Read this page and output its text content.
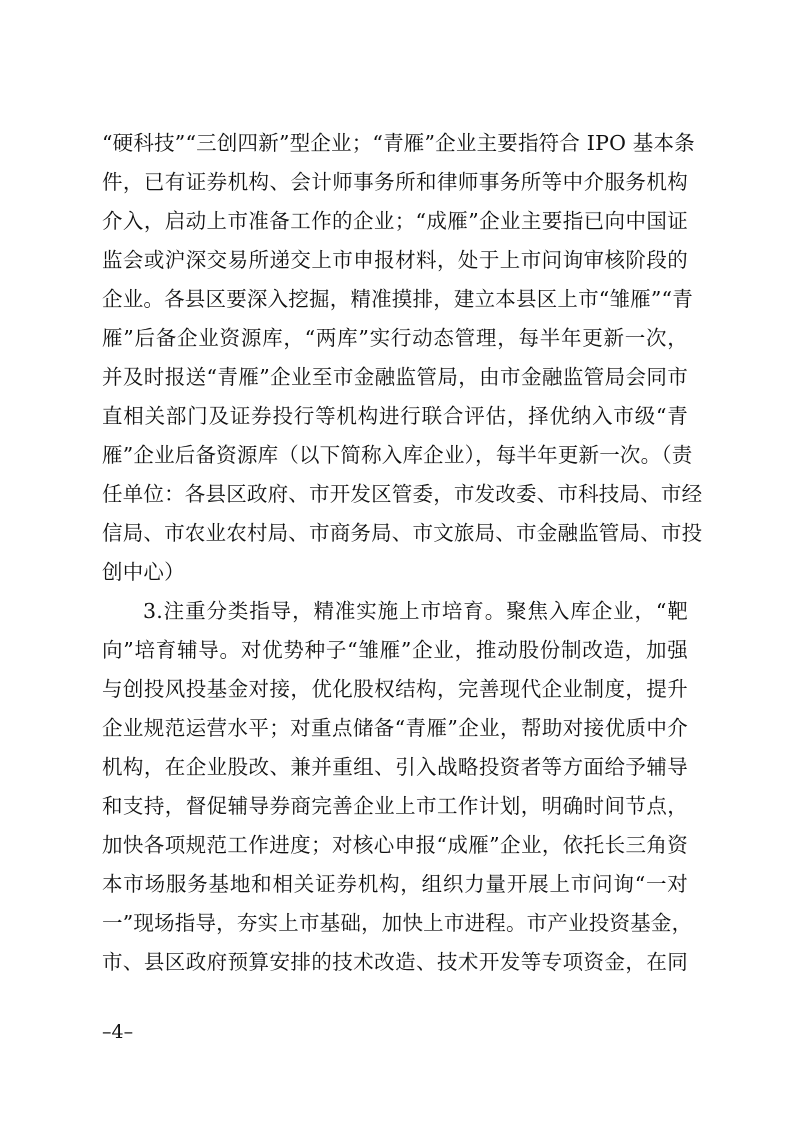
“硬科技”“三创四新”型企业；“青雁”企业主要指符合 IPO 基本条
件，已有证券机构、会计师事务所和律师事务所等中介服务机构
介入，启动上市准备工作的企业；“成雁”企业主要指已向中国证
监会或沪深交易所递交上市申报材料，处于上市问询审核阶段的
企业。各县区要深入挖掘，精准摸排，建立本县区上市“雏雁”“青
雁”后备企业资源库，“两库”实行动态管理，每半年更新一次，
并及时报送“青雁”企业至市金融监管局，由市金融监管局会同市
直相关部门及证券投行等机构进行联合评估，择优纳入市级“青
雁”企业后备资源库（以下简称入库企业），每半年更新一次。（责
任单位：各县区政府、市开发区管委，市发改委、市科技局、市经
信局、市农业农村局、市商务局、市文旅局、市金融监管局、市投
创中心）
3.注重分类指导，精准实施上市培育。聚焦入库企业，“靶
向”培育辅导。对优势种子“雏雁”企业，推动股份制改造，加强
与创投风投基金对接，优化股权结构，完善现代企业制度，提升
企业规范运营水平；对重点储备“青雁”企业，帮助对接优质中介
机构，在企业股改、兼并重组、引入战略投资者等方面给予辅导
和支持，督促辅导券商完善企业上市工作计划，明确时间节点，
加快各项规范工作进度；对核心申报“成雁”企业，依托长三角资
本市场服务基地和相关证券机构，组织力量开展上市问询“一对
一”现场指导，夯实上市基础，加快上市进程。市产业投资基金，
市、县区政府预算安排的技术改造、技术开发等专项资金，在同
–4–
